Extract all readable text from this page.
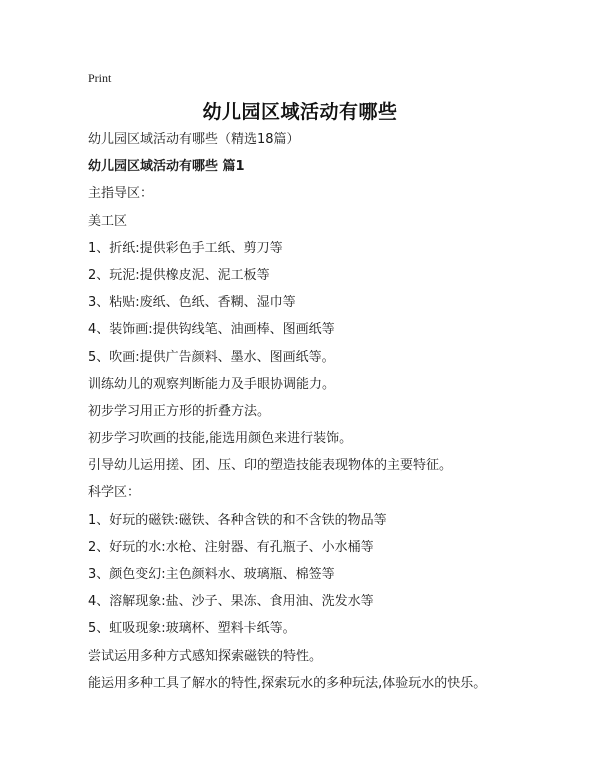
Print
幼儿园区域活动有哪些
幼儿园区域活动有哪些（精选18篇）
幼儿园区域活动有哪些 篇1
主指导区：
美工区
1、折纸:提供彩色手工纸、剪刀等
2、玩泥:提供橡皮泥、泥工板等
3、粘贴:废纸、色纸、香糊、湿巾等
4、装饰画:提供钩线笔、油画棒、图画纸等
5、吹画:提供广告颜料、墨水、图画纸等。
训练幼儿的观察判断能力及手眼协调能力。
初步学习用正方形的折叠方法。
初步学习吹画的技能,能选用颜色来进行装饰。
引导幼儿运用搓、团、压、印的塑造技能表现物体的主要特征。
科学区：
1、好玩的磁铁:磁铁、各种含铁的和不含铁的物品等
2、好玩的水:水枪、注射器、有孔瓶子、小水桶等
3、颜色变幻:主色颜料水、玻璃瓶、棉签等
4、溶解现象:盐、沙子、果冻、食用油、洗发水等
5、虹吸现象:玻璃杯、塑料卡纸等。
尝试运用多种方式感知探索磁铁的特性。
能运用多种工具了解水的特性,探索玩水的多种玩法,体验玩水的快乐。
